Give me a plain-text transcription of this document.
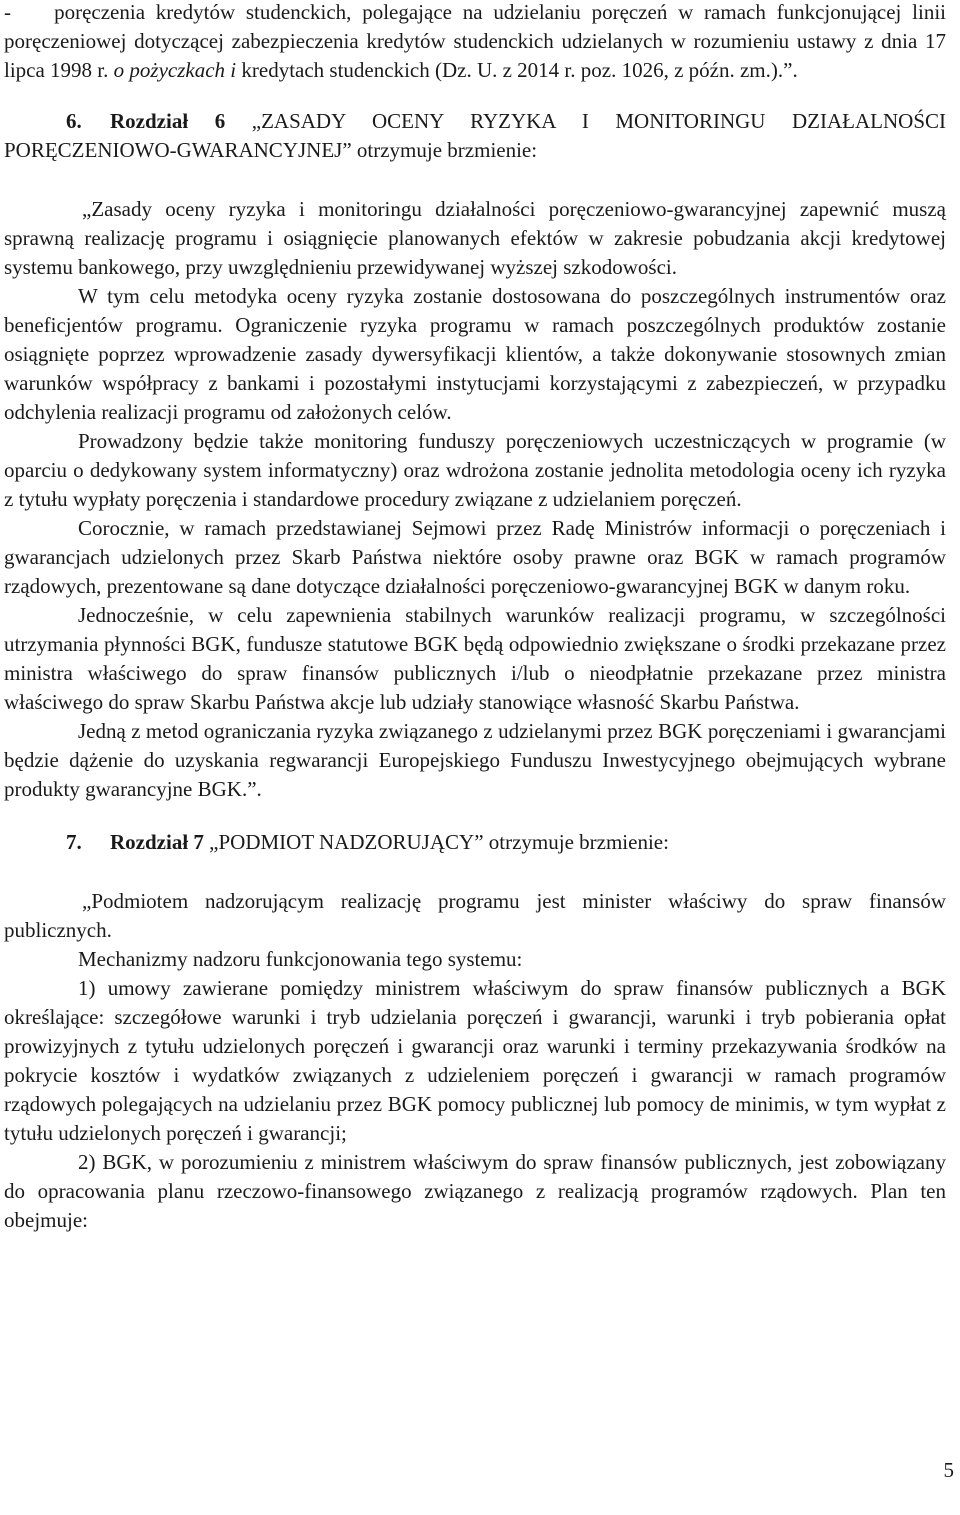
- poręczenia kredytów studenckich, polegające na udzielaniu poręczeń w ramach funkcjonującej linii poręczeniowej dotyczącej zabezpieczenia kredytów studenckich udzielanych w rozumieniu ustawy z dnia 17 lipca 1998 r. o pożyczkach i kredytach studenckich (Dz. U. z 2014 r. poz. 1026, z późn. zm.).”.

6. Rozdział 6 „ZASADY OCENY RYZYKA I MONITORINGU DZIAŁALNOŚCI PORĘCZENIOWO-GWARANCYJNEJ” otrzymuje brzmienie:

„Zasady oceny ryzyka i monitoringu działalności poręczeniowo-gwarancyjnej zapewnić muszą sprawną realizację programu i osiągnięcie planowanych efektów w zakresie pobudzania akcji kredytowej systemu bankowego, przy uwzględnieniu przewidywanej wyższej szkodowości.

W tym celu metodyka oceny ryzyka zostanie dostosowana do poszczególnych instrumentów oraz beneficjentów programu. Ograniczenie ryzyka programu w ramach poszczególnych produktów zostanie osiągnięte poprzez wprowadzenie zasady dywersyfikacji klientów, a także dokonywanie stosownych zmian warunków współpracy z bankami i pozostałymi instytucjami korzystającymi z zabezpieczeń, w przypadku odchylenia realizacji programu od założonych celów.

Prowadzony będzie także monitoring funduszy poręczeniowych uczestniczących w programie (w oparciu o dedykowany system informatyczny) oraz wdrożona zostanie jednolita metodologia oceny ich ryzyka z tytułu wypłaty poręczenia i standardowe procedury związane z udzielaniem poręczeń.

Corocznie, w ramach przedstawianej Sejmowi przez Radę Ministrów informacji o poręczeniach i gwarancjach udzielonych przez Skarb Państwa niektóre osoby prawne oraz BGK w ramach programów rządowych, prezentowane są dane dotyczące działalności poręczeniowo-gwarancyjnej BGK w danym roku.

Jednocześnie, w celu zapewnienia stabilnych warunków realizacji programu, w szczególności utrzymania płynności BGK, fundusze statutowe BGK będą odpowiednio zwiększane o środki przekazane przez ministra właściwego do spraw finansów publicznych i/lub o nieodpłatnie przekazane przez ministra właściwego do spraw Skarbu Państwa akcje lub udziały stanowiące własność Skarbu Państwa.

Jedną z metod ograniczania ryzyka związanego z udzielanymi przez BGK poręczeniami i gwarancjami będzie dążenie do uzyskania regwarancji Europejskiego Funduszu Inwestycyjnego obejmujących wybrane produkty gwarancyjne BGK.”.

7. Rozdział 7 „PODMIOT NADZORUJĄCY” otrzymuje brzmienie:

„Podmiotem nadzorującym realizację programu jest minister właściwy do spraw finansów publicznych.

Mechanizmy nadzoru funkcjonowania tego systemu:

1) umowy zawierane pomiędzy ministrem właściwym do spraw finansów publicznych a BGK określające: szczegółowe warunki i tryb udzielania poręczeń i gwarancji, warunki i tryb pobierania opłat prowizyjnych z tytułu udzielonych poręczeń i gwarancji oraz warunki i terminy przekazywania środków na pokrycie kosztów i wydatków związanych z udzieleniem poręczeń i gwarancji w ramach programów rządowych polegających na udzielaniu przez BGK pomocy publicznej lub pomocy de minimis, w tym wypłat z tytułu udzielonych poręczeń i gwarancji;

2) BGK, w porozumieniu z ministrem właściwym do spraw finansów publicznych, jest zobowiązany do opracowania planu rzeczowo-finansowego związanego z realizacją programów rządowych. Plan ten obejmuje:

5
